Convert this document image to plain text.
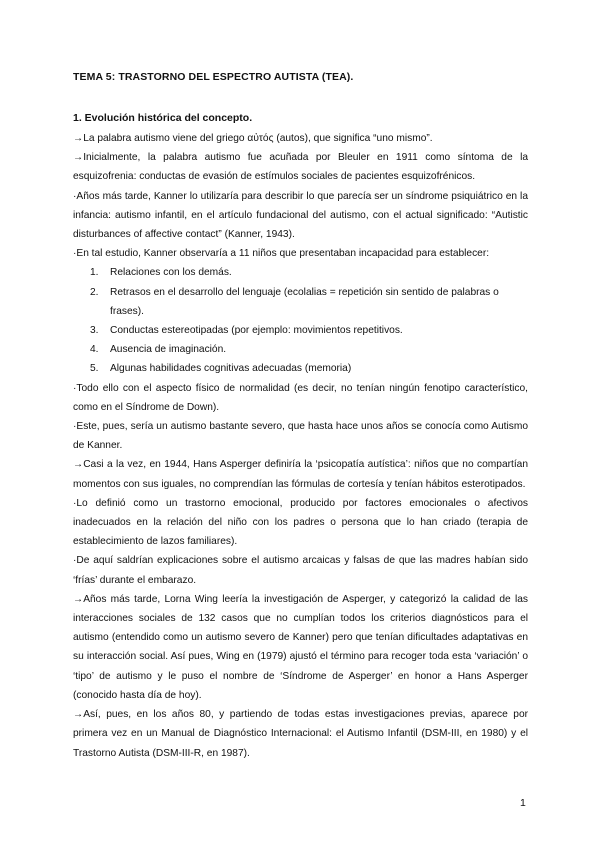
TEMA 5: TRASTORNO DEL ESPECTRO AUTISTA (TEA).
1. Evolución histórica del concepto.

→La palabra autismo viene del griego αὐτός (autos), que significa “uno mismo”.

→Inicialmente, la palabra autismo fue acuñada por Bleuler en 1911 como síntoma de la esquizofrenia: conductas de evasión de estímulos sociales de pacientes esquizofrénicos.

·Años más tarde, Kanner lo utilizaría para describir lo que parecía ser un síndrome psiquiátrico en la infancia: autismo infantil, en el artículo fundacional del autismo, con el actual significado: “Autistic disturbances of affective contact” (Kanner, 1943).

·En tal estudio, Kanner observaría a 11 niños que presentaban incapacidad para establecer:

1. Relaciones con los demás.
2. Retrasos en el desarrollo del lenguaje (ecolalias = repetición sin sentido de palabras o frases).
3. Conductas estereotipadas (por ejemplo: movimientos repetitivos.
4. Ausencia de imaginación.
5. Algunas habilidades cognitivas adecuadas (memoria)

·Todo ello con el aspecto físico de normalidad (es decir, no tenían ningún fenotipo característico, como en el Síndrome de Down).

·Este, pues, sería un autismo bastante severo, que hasta hace unos años se conocía como Autismo de Kanner.

→Casi a la vez, en 1944, Hans Asperger definiría la ‘psicopatía autística’: niños que no compartían momentos con sus iguales, no comprendían las fórmulas de cortesía y tenían hábitos esterotipados.

·Lo definió como un trastorno emocional, producido por factores emocionales o afectivos inadecuados en la relación del niño con los padres o persona que lo han criado (terapia de establecimiento de lazos familiares).

·De aquí saldrían explicaciones sobre el autismo arcaicas y falsas de que las madres habían sido ‘frías’ durante el embarazo.

→Años más tarde, Lorna Wing leería la investigación de Asperger, y categorizó la calidad de las interacciones sociales de 132 casos que no cumplían todos los criterios diagnósticos para el autismo (entendido como un autismo severo de Kanner) pero que tenían dificultades adaptativas en su interacción social. Así pues, Wing en (1979) ajustó el término para recoger toda esta ‘variación’ o ‘tipo’ de autismo y le puso el nombre de ‘Síndrome de Asperger’ en honor a Hans Asperger (conocido hasta día de hoy).

→Así, pues, en los años 80, y partiendo de todas estas investigaciones previas, aparece por primera vez en un Manual de Diagnóstico Internacional: el Autismo Infantil (DSM-III, en 1980) y el Trastorno Autista (DSM-III-R, en 1987).

1
